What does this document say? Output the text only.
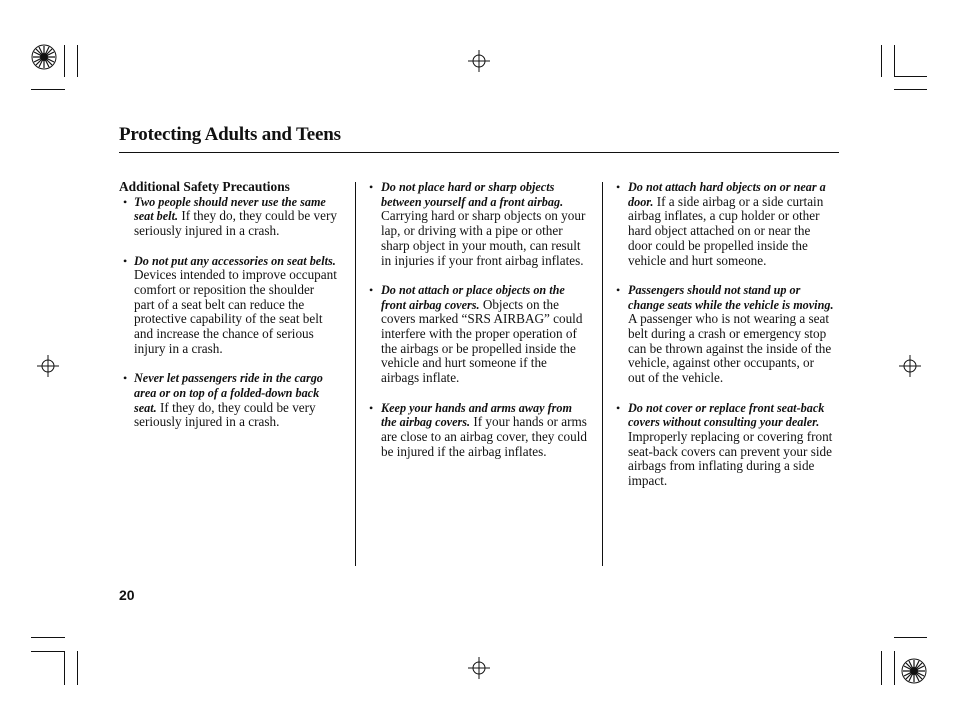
Protecting Adults and Teens
Additional Safety Precautions
• Two people should never use the same seat belt. If they do, they could be very seriously injured in a crash.
• Do not put any accessories on seat belts. Devices intended to improve occupant comfort or reposition the shoulder part of a seat belt can reduce the protective capability of the seat belt and increase the chance of serious injury in a crash.
• Never let passengers ride in the cargo area or on top of a folded-down back seat. If they do, they could be very seriously injured in a crash.
• Do not place hard or sharp objects between yourself and a front airbag. Carrying hard or sharp objects on your lap, or driving with a pipe or other sharp object in your mouth, can result in injuries if your front airbag inflates.
• Do not attach or place objects on the front airbag covers. Objects on the covers marked “SRS AIRBAG” could interfere with the proper operation of the airbags or be propelled inside the vehicle and hurt someone if the airbags inflate.
• Keep your hands and arms away from the airbag covers. If your hands or arms are close to an airbag cover, they could be injured if the airbag inflates.
• Do not attach hard objects on or near a door. If a side airbag or a side curtain airbag inflates, a cup holder or other hard object attached on or near the door could be propelled inside the vehicle and hurt someone.
• Passengers should not stand up or change seats while the vehicle is moving. A passenger who is not wearing a seat belt during a crash or emergency stop can be thrown against the inside of the vehicle, against other occupants, or out of the vehicle.
• Do not cover or replace front seat-back covers without consulting your dealer. Improperly replacing or covering front seat-back covers can prevent your side airbags from inflating during a side impact.
20
